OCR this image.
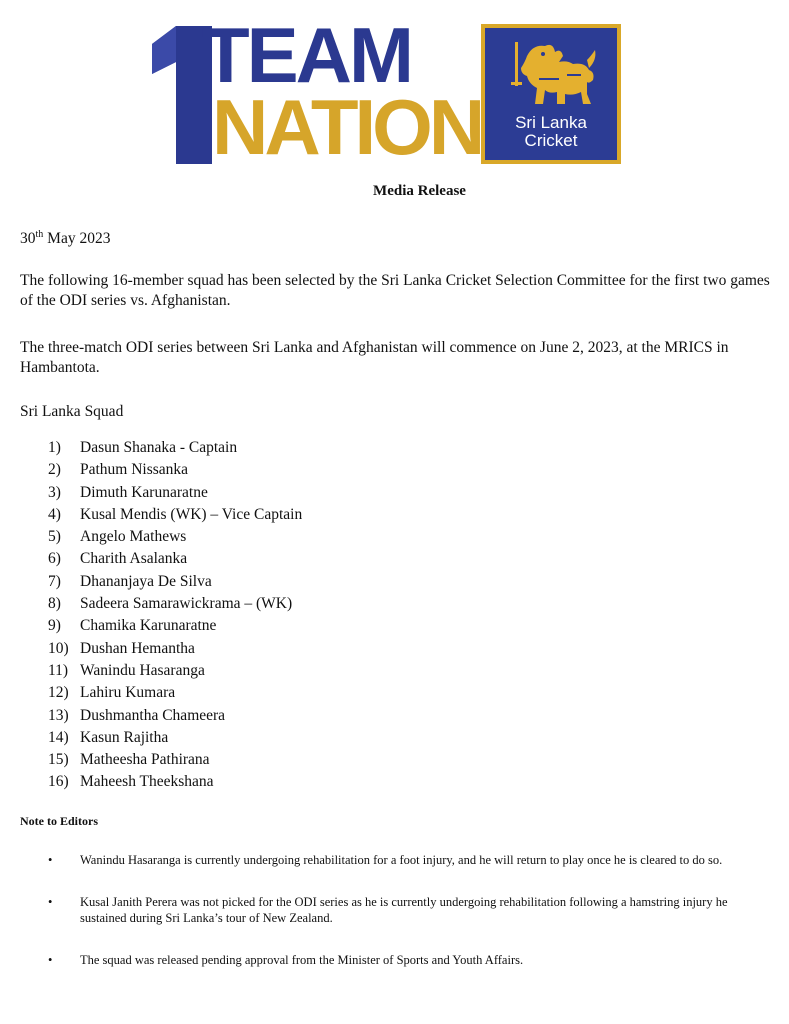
TEAM
NATION	Sri Lanka
Cricket

Media Release

30th May 2023

The following 16-member squad has been selected by the Sri Lanka Cricket Selection Committee for the first two games of the ODI series vs. Afghanistan.

The three-match ODI series between Sri Lanka and Afghanistan will commence on June 2, 2023, at the MRICS in Hambantota.

Sri Lanka Squad

1) Dasun Shanaka - Captain
2) Pathum Nissanka
3) Dimuth Karunaratne
4) Kusal Mendis (WK) – Vice Captain
5) Angelo Mathews
6) Charith Asalanka
7) Dhananjaya De Silva
8) Sadeera Samarawickrama – (WK)
9) Chamika Karunaratne
10) Dushan Hemantha
11) Wanindu Hasaranga
12) Lahiru Kumara
13) Dushmantha Chameera
14) Kasun Rajitha
15) Matheesha Pathirana
16) Maheesh Theekshana

Note to Editors

• Wanindu Hasaranga is currently undergoing rehabilitation for a foot injury, and he will return to play once he is cleared to do so.
• Kusal Janith Perera was not picked for the ODI series as he is currently undergoing rehabilitation following a hamstring injury he sustained during Sri Lanka’s tour of New Zealand.
• The squad was released pending approval from the Minister of Sports and Youth Affairs.
